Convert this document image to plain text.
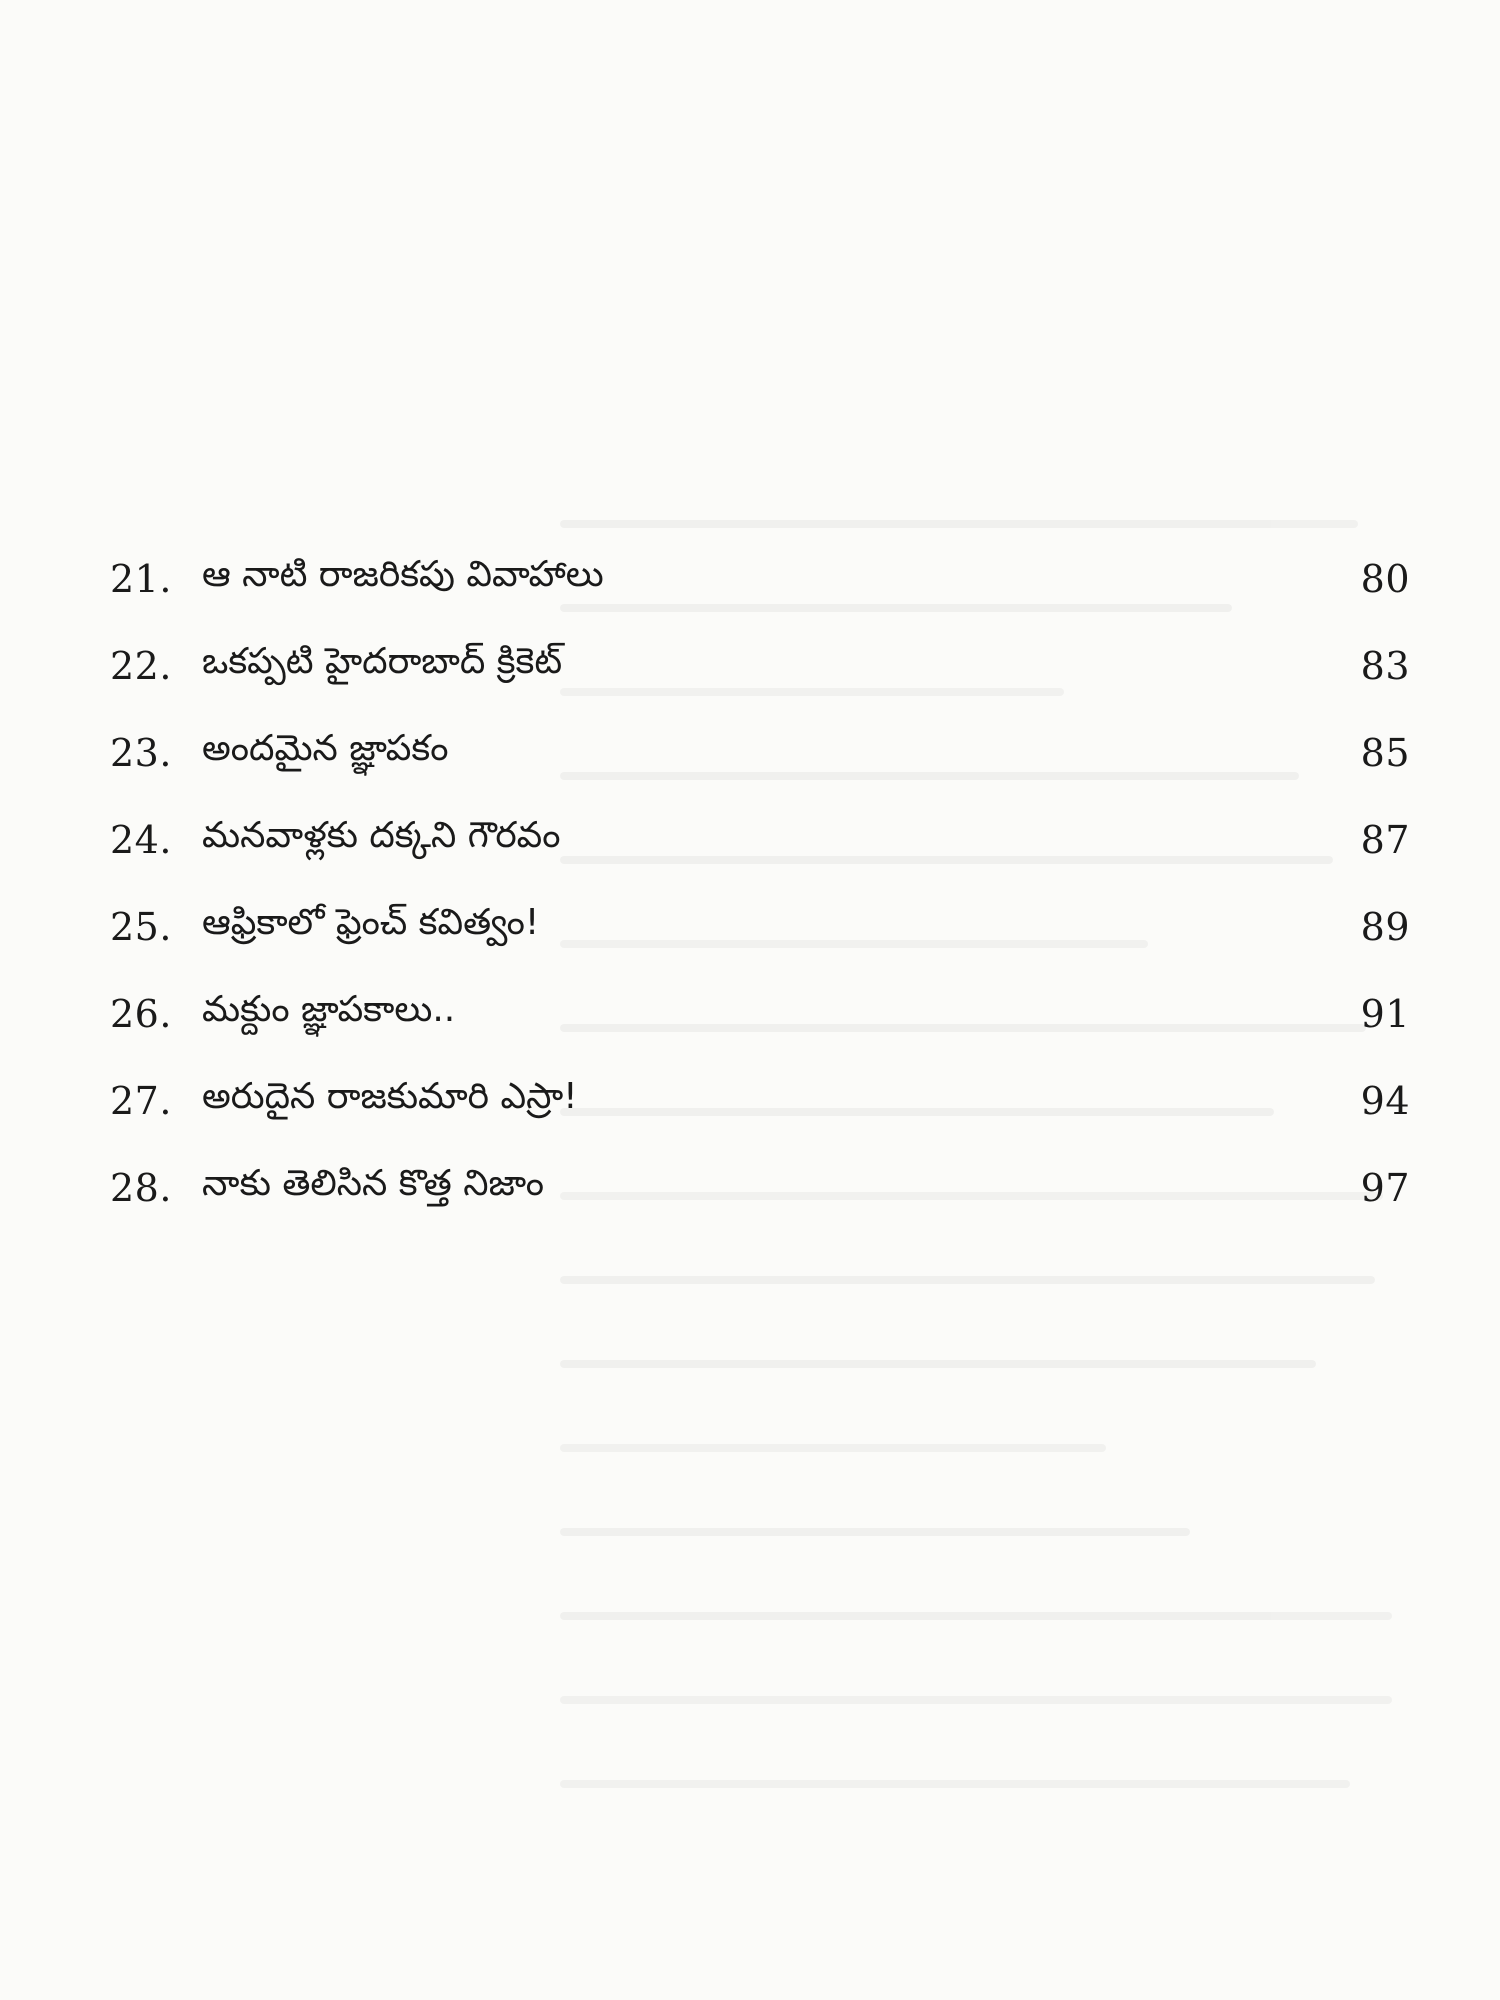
21. ఆ నాటి రాజరికపు వివాహాలు	80
22. ఒకప్పటి హైదరాబాద్ క్రికెట్	83
23. అందమైన జ్ఞాపకం	85
24. మనవాళ్లకు దక్కని గౌరవం	87
25. ఆఫ్రికాలో ఫ్రెంచ్ కవిత్వం!	89
26. మక్దుం జ్ఞాపకాలు..	91
27. అరుదైన రాజకుమారి ఎస్రా!	94
28. నాకు తెలిసిన కొత్త నిజాం	97
